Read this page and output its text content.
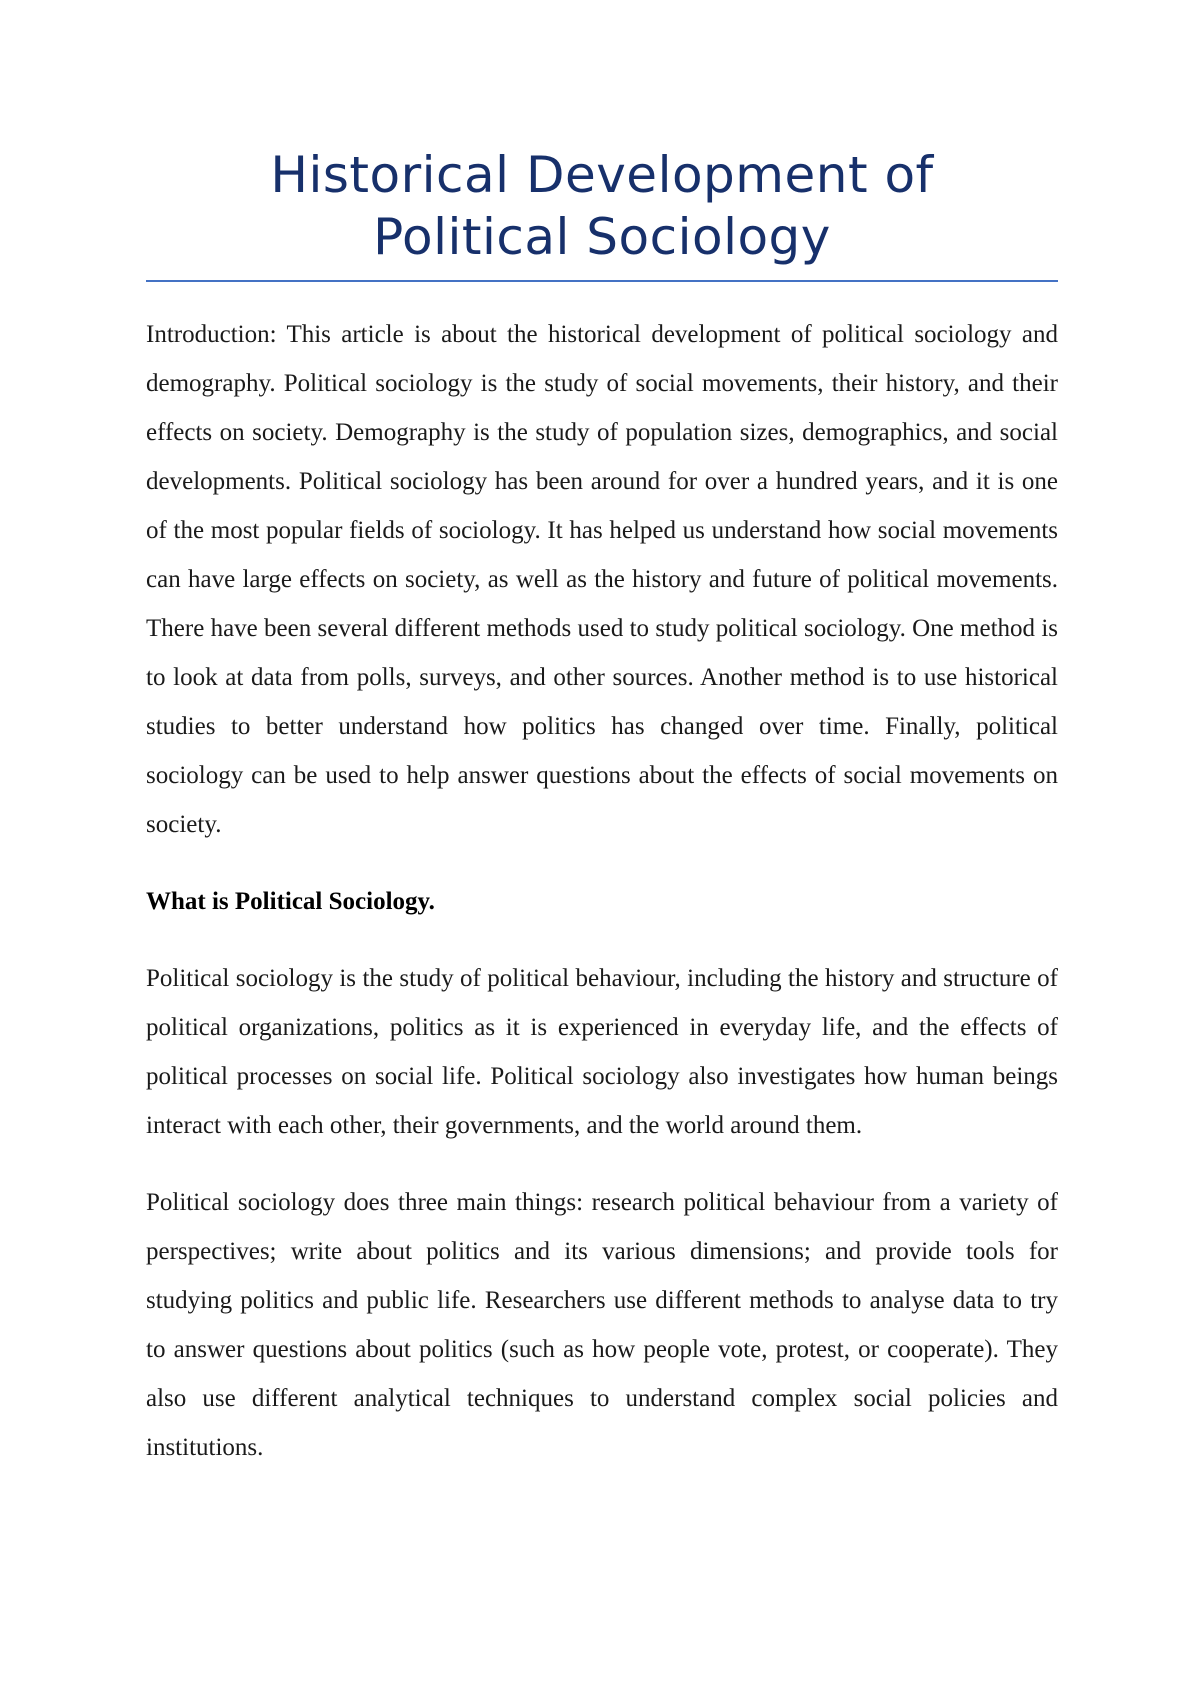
Historical Development of
Political Sociology

Introduction: This article is about the historical development of political sociology and demography. Political sociology is the study of social movements, their history, and their effects on society. Demography is the study of population sizes, demographics, and social developments. Political sociology has been around for over a hundred years, and it is one of the most popular fields of sociology. It has helped us understand how social movements can have large effects on society, as well as the history and future of political movements. There have been several different methods used to study political sociology. One method is to look at data from polls, surveys, and other sources. Another method is to use historical studies to better understand how politics has changed over time. Finally, political sociology can be used to help answer questions about the effects of social movements on society.

What is Political Sociology.

Political sociology is the study of political behaviour, including the history and structure of political organizations, politics as it is experienced in everyday life, and the effects of political processes on social life. Political sociology also investigates how human beings interact with each other, their governments, and the world around them.

Political sociology does three main things: research political behaviour from a variety of perspectives; write about politics and its various dimensions; and provide tools for studying politics and public life. Researchers use different methods to analyse data to try to answer questions about politics (such as how people vote, protest, or cooperate). They also use different analytical techniques to understand complex social policies and institutions.
